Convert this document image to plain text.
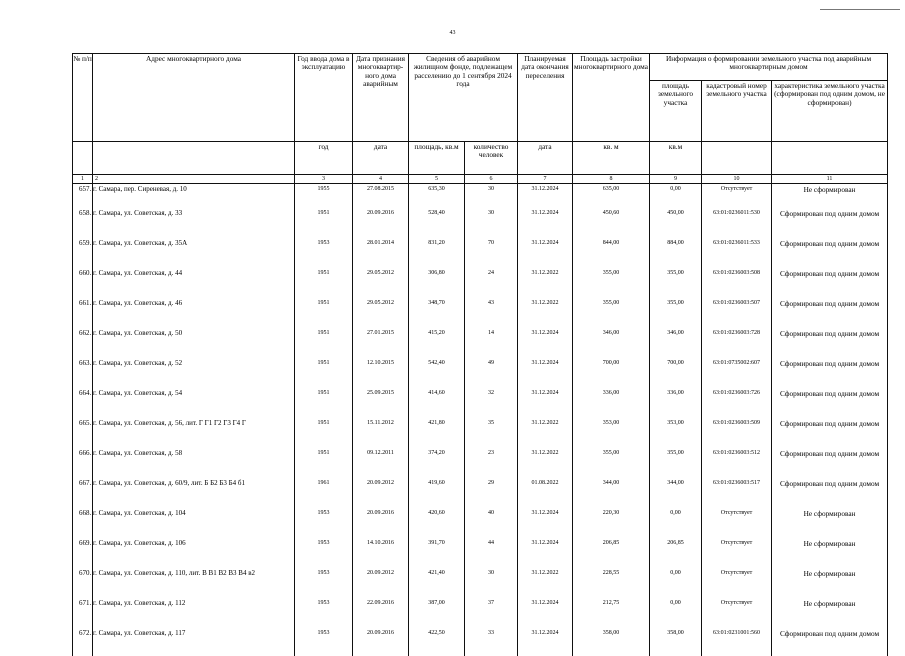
43
№ п/п	Адрес многоквартирного дома	Год ввода дома в эксплуатацию	Дата признания многоквартир-ного дома аварийным	Сведения об аварийном жилищном фонде, подлежащем расселению до 1 сентября 2024 года		Планируемая дата окончания переселения	Площадь застройки многоквартирного дома	Информация о формировании земельного участка под аварийным многоквартирным домом		

								площадь земельного участка	кадастровый номер земельного участка	характеристика земельного участка (сформирован под одним домом, не сформирован)

		год	дата	площадь, кв.м	количество человек	дата	кв. м	кв.м		

1	2	3	4	5	6	7	8	9	10	11
	657. г. Самара, пер. Сиреневая, д. 10	1955	27.08.2015	635,30	30	31.12.2024	635,00	0,00	Отсутствует	Не сформирован
	658. г. Самара, ул. Советская, д. 33	1951	20.09.2016	528,40	30	31.12.2024	450,60	450,00	63:01:0236011:530	Сформирован под одним домом
	659. г. Самара, ул. Советская, д. 35А	1953	28.01.2014	831,20	70	31.12.2024	844,00	884,00	63:01:0236011:533	Сформирован под одним домом
	660. г. Самара, ул. Советская, д. 44	1951	29.05.2012	306,80	24	31.12.2022	355,00	355,00	63:01:0236003:508	Сформирован под одним домом
	661. г. Самара, ул. Советская, д. 46	1951	29.05.2012	348,70	43	31.12.2022	355,00	355,00	63:01:0236003:507	Сформирован под одним домом
	662. г. Самара, ул. Советская, д. 50	1951	27.01.2015	415,20	14	31.12.2024	346,00	346,00	63:01:0236003:728	Сформирован под одним домом
	663. г. Самара, ул. Советская, д. 52	1951	12.10.2015	542,40	49	31.12.2024	700,00	700,00	63:01:0735002:607	Сформирован под одним домом
	664. г. Самара, ул. Советская, д. 54	1951	25.09.2015	414,60	32	31.12.2024	336,00	336,00	63:01:0236003:726	Сформирован под одним домом
	665. г. Самара, ул. Советская, д. 56, лит. Г Г1 Г2 Г3 Г4 Г	1951	15.11.2012	421,80	35	31.12.2022	353,00	353,00	63:01:0236003:509	Сформирован под одним домом
	666. г. Самара, ул. Советская, д. 58	1951	09.12.2011	374,20	23	31.12.2022	355,00	355,00	63:01:0236003:512	Сформирован под одним домом
	667. г. Самара, ул. Советская, д. 60/9, лит. Б Б2 Б3 Б4 б1	1961	20.09.2012	419,60	29	01.08.2022	344,00	344,00	63:01:0236003:517	Сформирован под одним домом
	668. г. Самара, ул. Советская, д. 104	1953	20.09.2016	420,60	40	31.12.2024	220,30	0,00	Отсутствует	Не сформирован
	669. г. Самара, ул. Советская, д. 106	1953	14.10.2016	391,70	44	31.12.2024	206,85	206,85	Отсутствует	Не сформирован
	670. г. Самара, ул. Советская, д. 110, лит. В В1 В2 В3 В4 в2	1953	20.09.2012	421,40	30	31.12.2022	228,55	0,00	Отсутствует	Не сформирован
	671. г. Самара, ул. Советская, д. 112	1953	22.09.2016	387,00	37	31.12.2024	212,75	0,00	Отсутствует	Не сформирован
	672. г. Самара, ул. Советская, д. 117	1953	20.09.2016	422,50	33	31.12.2024	358,00	358,00	63:01:0231001:560	Сформирован под одним домом
